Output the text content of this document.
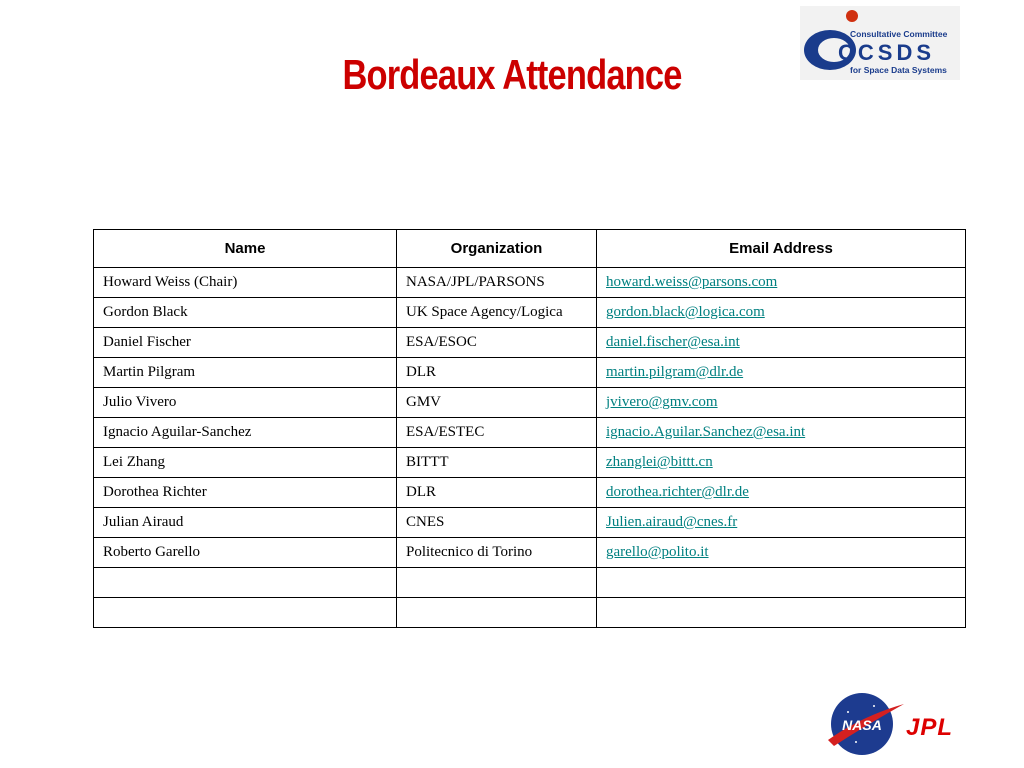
Consultative Committee
CCSDS
for Space Data Systems
Bordeaux Attendance
Name	Organization	Email Address
Howard Weiss (Chair)	NASA/JPL/PARSONS	howard.weiss@parsons.com
Gordon Black	UK Space Agency/Logica	gordon.black@logica.com
Daniel Fischer	ESA/ESOC	daniel.fischer@esa.int
Martin Pilgram	DLR	martin.pilgram@dlr.de
Julio Vivero	GMV	jvivero@gmv.com
Ignacio Aguilar-Sanchez	ESA/ESTEC	ignacio.Aguilar.Sanchez@esa.int
Lei Zhang	BITTT	zhanglei@bittt.cn
Dorothea Richter	DLR	dorothea.richter@dlr.de
Julian Airaud	CNES	Julien.airaud@cnes.fr
Roberto Garello	Politecnico di Torino	garello@polito.it

NASA JPL
